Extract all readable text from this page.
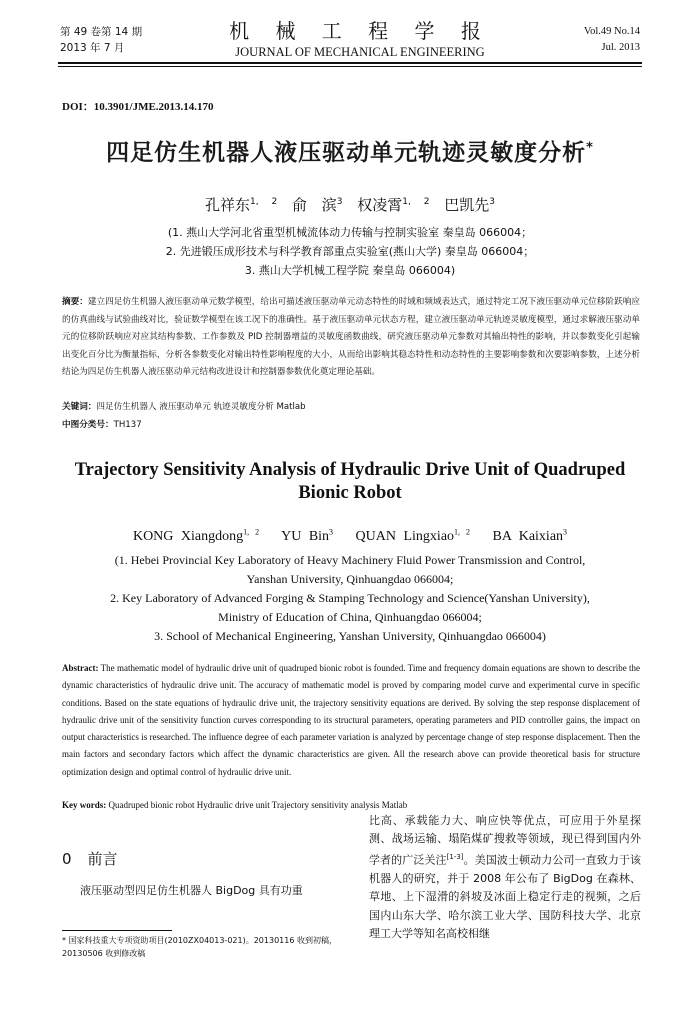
第 49 卷第 14 期
2013 年 7 月
机 械 工 程 学 报
JOURNAL OF MECHANICAL ENGINEERING
Vol.49 No.14
Jul. 2013
DOI：10.3901/JME.2013.14.170
四足仿生机器人液压驱动单元轨迹灵敏度分析*
孔祥东$^{1, 2}$ 俞 滨$^3$ 权凌霄$^{1, 2}$ 巴凯先$^3$
(1. 燕山大学河北省重型机械流体动力传输与控制实验室 秦皇岛 066004；
2. 先进锻压成形技术与科学教育部重点实验室(燕山大学) 秦皇岛 066004；
3. 燕山大学机械工程学院 秦皇岛 066004)
摘要：建立四足仿生机器人液压驱动单元数学模型，给出可描述液压驱动单元动态特性的时域和频域表达式，通过特定工况下液压驱动单元位移阶跃响应的仿真曲线与试验曲线对比，验证数学模型在该工况下的准确性。基于液压驱动单元状态方程，建立液压驱动单元轨迹灵敏度模型，通过求解液压驱动单元的位移阶跃响应对应其结构参数、工作参数及 PID 控制器增益的灵敏度函数曲线，研究液压驱动单元参数对其输出特性的影响，并以参数变化引起输出变化百分比为衡量指标，分析各参数变化对输出特性影响程度的大小，从而给出影响其稳态特性和动态特性的主要影响参数和次要影响参数，上述分析结论为四足仿生机器人液压驱动单元结构改进设计和控制器参数优化奠定理论基础。
关键词：四足仿生机器人 液压驱动单元 轨迹灵敏度分析 Matlab
中图分类号：TH137
Trajectory Sensitivity Analysis of Hydraulic Drive Unit of Quadruped
Bionic Robot
KONG Xiangdong$^{1, 2}$ YU Bin$^3$ QUAN Lingxiao$^{1, 2}$ BA Kaixian$^3$
(1. Hebei Provincial Key Laboratory of Heavy Machinery Fluid Power Transmission and Control,
Yanshan University, Qinhuangdao 066004;
2. Key Laboratory of Advanced Forging & Stamping Technology and Science(Yanshan University),
Ministry of Education of China, Qinhuangdao 066004;
3. School of Mechanical Engineering, Yanshan University, Qinhuangdao 066004)
Abstract: The mathematic model of hydraulic drive unit of quadruped bionic robot is founded. Time and frequency domain equations are shown to describe the dynamic characteristics of hydraulic drive unit. The accuracy of mathematic model is proved by comparing model curve and experimental curve in specific conditions. Based on the state equations of hydraulic drive unit, the trajectory sensitivity equations are derived. By solving the step response displacement of hydraulic drive unit of the sensitivity function curves corresponding to its structural parameters, operating parameters and PID controller gains, the impact on output characteristics is researched. The influence degree of each parameter variation is analyzed by percentage change of step response displacement. Then the main factors and secondary factors which affect the dynamic characteristics are given. All the research above can provide theoretical basis for structure optimization design and optimal control of hydraulic drive unit.
Key words: Quadruped bionic robot Hydraulic drive unit Trajectory sensitivity analysis Matlab
0 前言
液压驱动型四足仿生机器人 BigDog 具有功重
* 国家科技重大专项资助项目(2010ZX04013-021)。20130116 收到初稿，
20130506 收到修改稿
比高、承载能力大、响应快等优点，可应用于外星探测、战场运输、塌陷煤矿搜救等领域，现已得到国内外学者的广泛关注[1-3]。美国波士顿动力公司一直致力于该机器人的研究，并于 2008 年公布了 BigDog 在森林、草地、上下湿滑的斜坡及冰面上稳定行走的视频，之后国内山东大学、哈尔滨工业大学、国防科技大学、北京理工大学等知名高校相继
